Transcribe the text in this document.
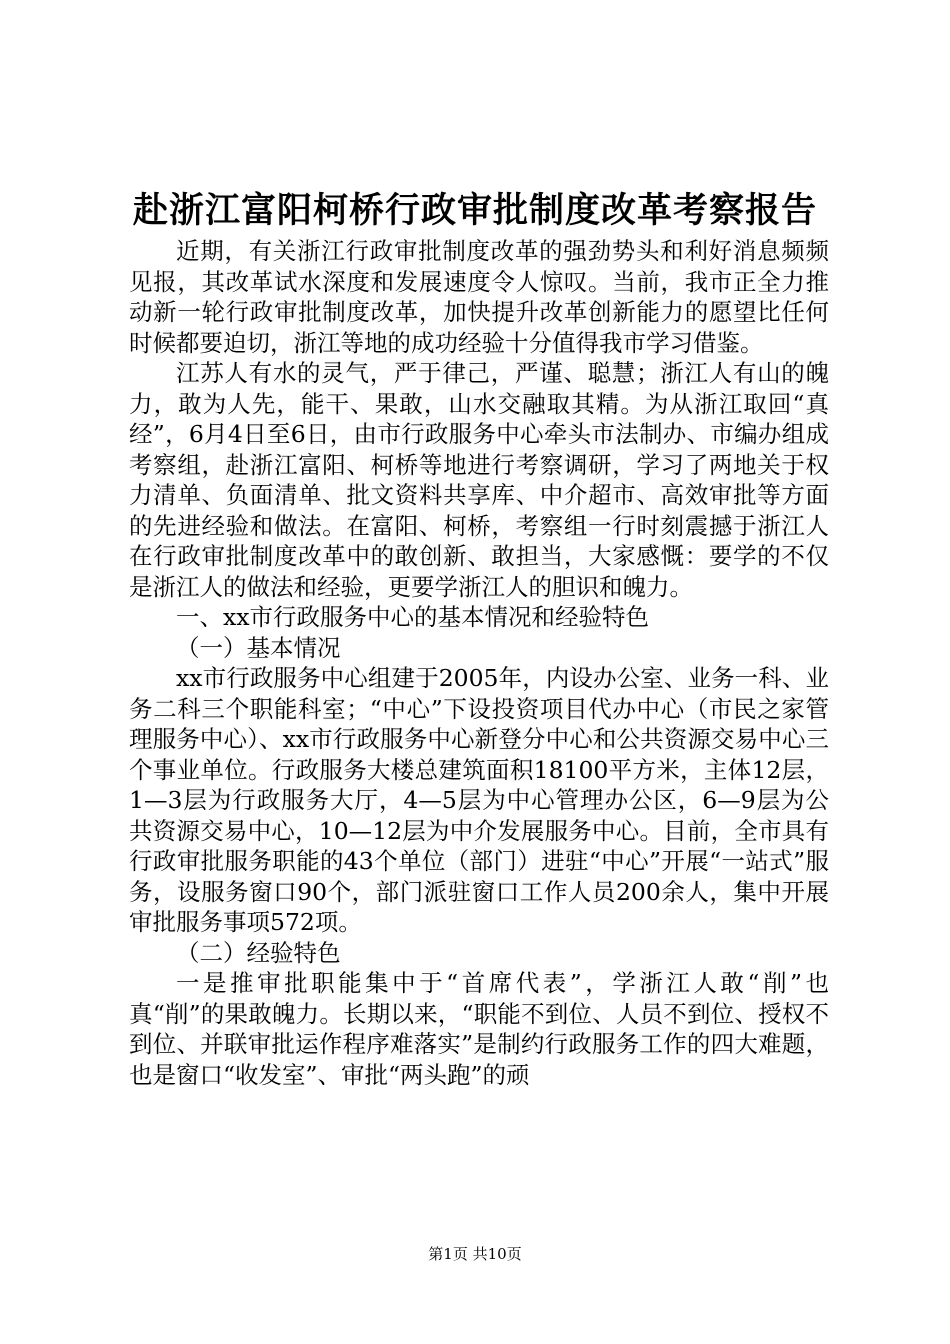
赴浙江富阳柯桥行政审批制度改革考察报告

近期，有关浙江行政审批制度改革的强劲势头和利好消息频频见报，其改革试水深度和发展速度令人惊叹。当前，我市正全力推动新一轮行政审批制度改革，加快提升改革创新能力的愿望比任何时候都要迫切，浙江等地的成功经验十分值得我市学习借鉴。

江苏人有水的灵气，严于律己，严谨、聪慧；浙江人有山的魄力，敢为人先，能干、果敢，山水交融取其精。为从浙江取回“真经”，6月4日至6日，由市行政服务中心牵头市法制办、市编办组成考察组，赴浙江富阳、柯桥等地进行考察调研，学习了两地关于权力清单、负面清单、批文资料共享库、中介超市、高效审批等方面的先进经验和做法。在富阳、柯桥，考察组一行时刻震撼于浙江人在行政审批制度改革中的敢创新、敢担当，大家感慨：要学的不仅是浙江人的做法和经验，更要学浙江人的胆识和魄力。

一、xx市行政服务中心的基本情况和经验特色

（一）基本情况

xx市行政服务中心组建于2005年，内设办公室、业务一科、业务二科三个职能科室；“中心”下设投资项目代办中心（市民之家管理服务中心）、xx市行政服务中心新登分中心和公共资源交易中心三个事业单位。行政服务大楼总建筑面积18100平方米，主体12层，1—3层为行政服务大厅，4—5层为中心管理办公区，6—9层为公共资源交易中心，10—12层为中介发展服务中心。目前，全市具有行政审批服务职能的43个单位（部门）进驻“中心”开展“一站式”服务，设服务窗口90个，部门派驻窗口工作人员200余人，集中开展审批服务事项572项。

（二）经验特色

一是推审批职能集中于“首席代表”，学浙江人敢“削”也真“削”的果敢魄力。长期以来，“职能不到位、人员不到位、授权不到位、并联审批运作程序难落实”是制约行政服务工作的四大难题，也是窗口“收发室”、审批“两头跑”的顽

第1页 共10页
